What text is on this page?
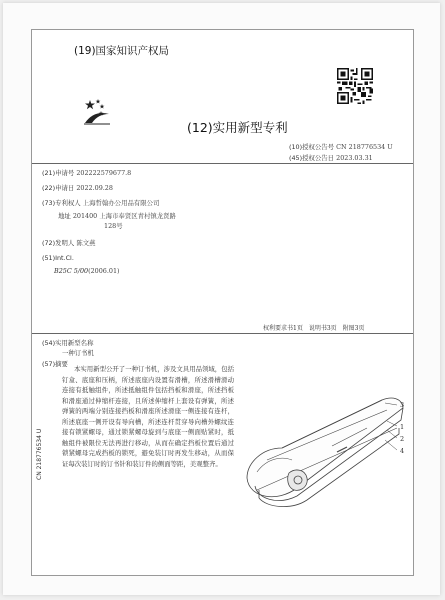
(19)国家知识产权局
(12)实用新型专利
(10)授权公告号 CN 218776534 U
(45)授权公告日 2023.03.31
(21)申请号 202222579677.8
(22)申请日 2022.09.28
(73)专利权人 上海晢翰办公用品有限公司
地址 201400 上海市奉贤区青村镇龙贤路
128号
(72)发明人 陈文燕
(51)Int.Cl.
B25C 5/00(2006.01)
权利要求书1页　说明书3页　附图3页
(54)实用新型名称
一种订书机
(57)摘要
本实用新型公开了一种订书机，涉及文具用品领域，包括钉盒、底座和压柄，所述底座内设置有滑槽，所述滑槽滑动连接有抵触组件，所述抵触组件包括挡板和滑座，所述挡板和滑座通过伸缩杆连接，且所述伸缩杆上套设有弹簧，所述弹簧的两端分别连接挡板和滑座所述滑座一侧连接有连杆，所述底座一侧开设有导向槽，所述连杆贯穿导向槽外螺纹连接有锁紧螺母，通过锁紧螺母旋到与底座一侧面贴紧时，抵触组件被限位无法再进行移动，从而在确定挡板位置后通过锁紧螺母完成挡板的锁死，避免装订时再发生移动，从而保证每次装订时的订书针和装订件的侧面等距，美观整齐。
CN 218776534 U
3
1
2
4
